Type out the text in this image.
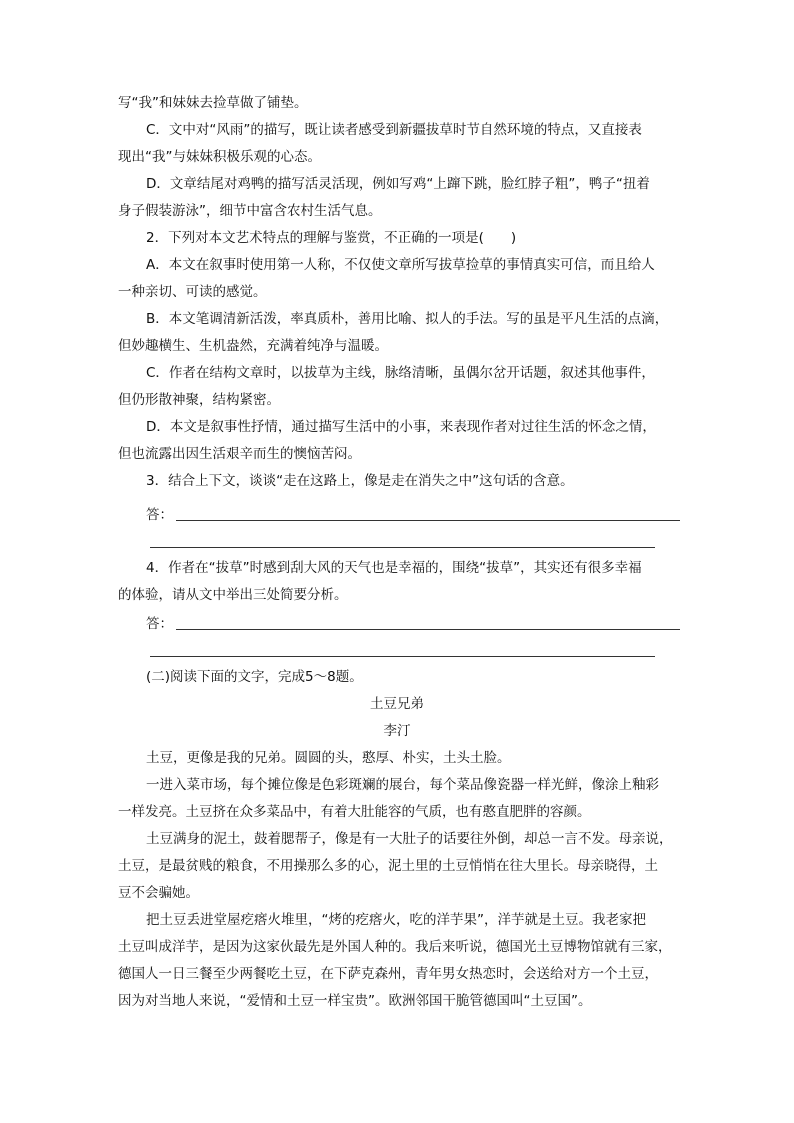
写“我”和妹妹去捡草做了铺垫。
C．文中对“风雨”的描写，既让读者感受到新疆拔草时节自然环境的特点，又直接表
现出“我”与妹妹积极乐观的心态。
D．文章结尾对鸡鸭的描写活灵活现，例如写鸡“上蹿下跳，脸红脖子粗”，鸭子“扭着
身子假装游泳”，细节中富含农村生活气息。
2．下列对本文艺术特点的理解与鉴赏，不正确的一项是(　　)
A．本文在叙事时使用第一人称，不仅使文章所写拔草捡草的事情真实可信，而且给人
一种亲切、可读的感觉。
B．本文笔调清新活泼，率真质朴，善用比喻、拟人的手法。写的虽是平凡生活的点滴，
但妙趣横生、生机盎然，充满着纯净与温暖。
C．作者在结构文章时，以拔草为主线，脉络清晰，虽偶尔岔开话题，叙述其他事件，
但仍形散神聚，结构紧密。
D．本文是叙事性抒情，通过描写生活中的小事，来表现作者对过往生活的怀念之情，
但也流露出因生活艰辛而生的懊恼苦闷。
3．结合上下文，谈谈“走在这路上，像是走在消失之中”这句话的含意。
答：
4．作者在“拔草”时感到刮大风的天气也是幸福的，围绕“拔草”，其实还有很多幸福
的体验，请从文中举出三处简要分析。
答：
(二)阅读下面的文字，完成5～8题。
土豆兄弟
李汀
土豆，更像是我的兄弟。圆圆的头，憨厚、朴实，土头土脸。
一进入菜市场，每个摊位像是色彩斑斓的展台，每个菜品像瓷器一样光鲜，像涂上釉彩
一样发亮。土豆挤在众多菜品中，有着大肚能容的气质，也有憨直肥胖的容颜。
土豆满身的泥土，鼓着腮帮子，像是有一大肚子的话要往外倒，却总一言不发。母亲说，
土豆，是最贫贱的粮食，不用操那么多的心，泥土里的土豆悄悄在往大里长。母亲晓得，土
豆不会骗她。
把土豆丢进堂屋疙瘩火堆里，“烤的疙瘩火，吃的洋芋果”，洋芋就是土豆。我老家把
土豆叫成洋芋，是因为这家伙最先是外国人种的。我后来听说，德国光土豆博物馆就有三家，
德国人一日三餐至少两餐吃土豆，在下萨克森州，青年男女热恋时，会送给对方一个土豆，
因为对当地人来说，“爱情和土豆一样宝贵”。欧洲邻国干脆管德国叫“土豆国”。
